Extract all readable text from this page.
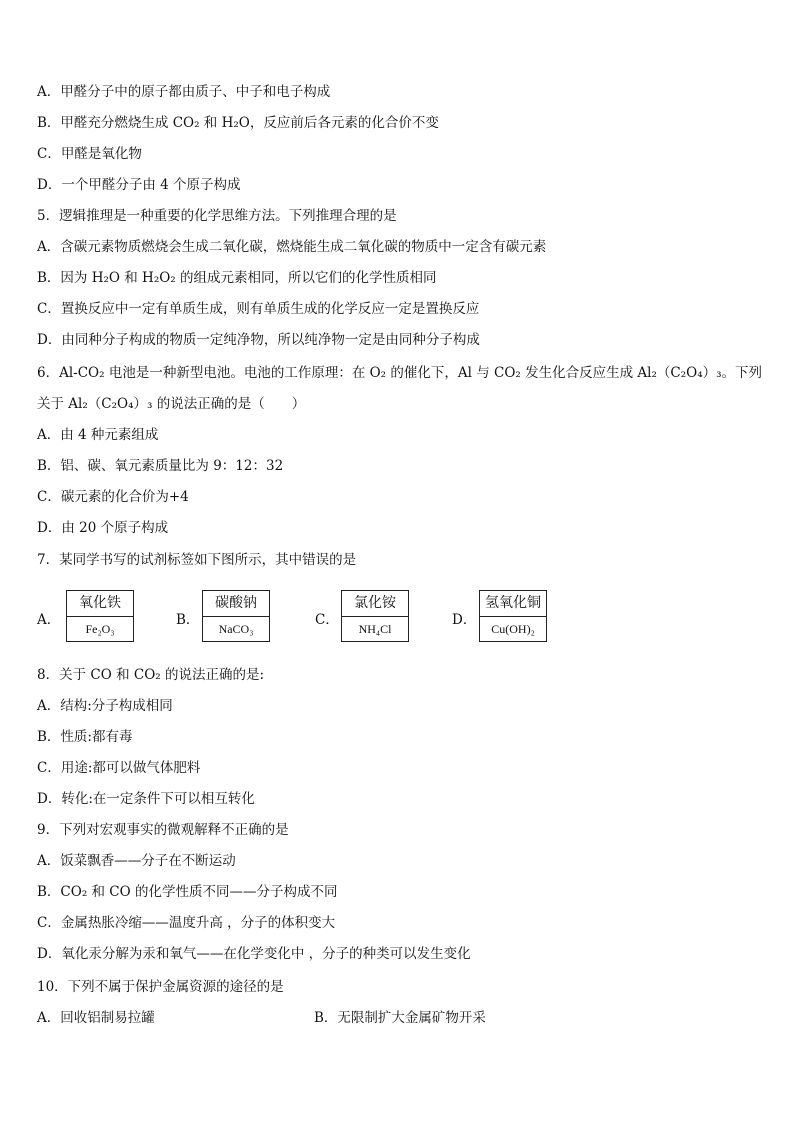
A．甲醛分子中的原子都由质子、中子和电子构成
B．甲醛充分燃烧生成 CO₂ 和 H₂O，反应前后各元素的化合价不变
C．甲醛是氧化物
D．一个甲醛分子由 4 个原子构成
5．逻辑推理是一种重要的化学思维方法。下列推理合理的是
A．含碳元素物质燃烧会生成二氧化碳，燃烧能生成二氧化碳的物质中一定含有碳元素
B．因为 H₂O 和 H₂O₂ 的组成元素相同，所以它们的化学性质相同
C．置换反应中一定有单质生成，则有单质生成的化学反应一定是置换反应
D．由同种分子构成的物质一定纯净物，所以纯净物一定是由同种分子构成
6．Al-CO₂ 电池是一种新型电池。电池的工作原理：在 O₂ 的催化下，Al 与 CO₂ 发生化合反应生成 Al₂（C₂O₄）₃。下列
关于 Al₂（C₂O₄）₃ 的说法正确的是（　　）
A．由 4 种元素组成
B．铝、碳、氧元素质量比为 9：12：32
C．碳元素的化合价为+4
D．由 20 个原子构成
7．某同学书写的试剂标签如下图所示，其中错误的是
A．
氧化铁
Fe₂O₃
B．
碳酸钠
NaCO₃
C．
氯化铵
NH₄Cl
D．
氢氧化铜
Cu(OH)₂
8．关于 CO 和 CO₂ 的说法正确的是:
A．结构:分子构成相同
B．性质:都有毒
C．用途:都可以做气体肥料
D．转化:在一定条件下可以相互转化
9．下列对宏观事实的微观解释不正确的是
A．饭菜飘香——分子在不断运动
B．CO₂ 和 CO 的化学性质不同——分子构成不同
C．金属热胀冷缩——温度升高 ，分子的体积变大
D．氧化汞分解为汞和氧气——在化学变化中 ，分子的种类可以发生变化
10．下列不属于保护金属资源的途径的是
A．回收铝制易拉罐	B．无限制扩大金属矿物开采
